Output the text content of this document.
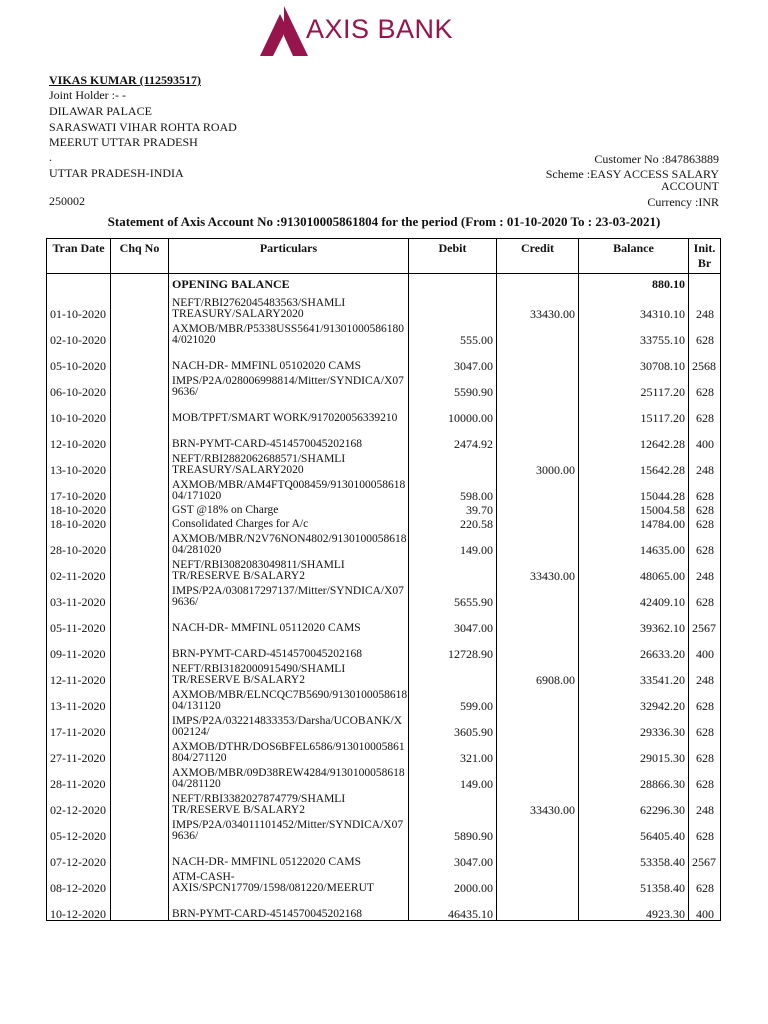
AXIS BANK
VIKAS KUMAR (112593517)
Joint Holder :- -
DILAWAR PALACE
SARASWATI VIHAR ROHTA ROAD
MEERUT UTTAR PRADESH
.
UTTAR PRADESH-INDIA
250002
Customer No :847863889
Scheme :EASY ACCESS SALARY
ACCOUNT
Currency :INR
Statement of Axis Account No :913010005861804 for the period (From : 01-10-2020 To : 23-03-2021)
Tran Date	Chq No	Particulars	Debit	Credit	Balance	Init. Br
		OPENING BALANCE			880.10	
01-10-2020		NEFT/RBI2762045483563/SHAMLI
TREASURY/SALARY2020		33430.00	34310.10	248
02-10-2020		AXMOB/MBR/P5338USS5641/91301000586180
4/021020	555.00		33755.10	628
05-10-2020		NACH-DR- MMFINL 05102020 CAMS	3047.00		30708.10	2568
06-10-2020		IMPS/P2A/028006998814/Mitter/SYNDICA/X07
9636/	5590.90		25117.20	628
10-10-2020		MOB/TPFT/SMART WORK/917020056339210	10000.00		15117.20	628
12-10-2020		BRN-PYMT-CARD-4514570045202168	2474.92		12642.28	400
13-10-2020		NEFT/RBI2882062688571/SHAMLI
TREASURY/SALARY2020		3000.00	15642.28	248
17-10-2020		AXMOB/MBR/AM4FTQ008459/9130100058618
04/171020	598.00		15044.28	628
18-10-2020		GST @18% on Charge	39.70		15004.58	628
18-10-2020		Consolidated Charges for A/c	220.58		14784.00	628
28-10-2020		AXMOB/MBR/N2V76NON4802/9130100058618
04/281020	149.00		14635.00	628
02-11-2020		NEFT/RBI3082083049811/SHAMLI
TR/RESERVE B/SALARY2		33430.00	48065.00	248
03-11-2020		IMPS/P2A/030817297137/Mitter/SYNDICA/X07
9636/	5655.90		42409.10	628
05-11-2020		NACH-DR- MMFINL 05112020 CAMS	3047.00		39362.10	2567
09-11-2020		BRN-PYMT-CARD-4514570045202168	12728.90		26633.20	400
12-11-2020		NEFT/RBI3182000915490/SHAMLI
TR/RESERVE B/SALARY2		6908.00	33541.20	248
13-11-2020		AXMOB/MBR/ELNCQC7B5690/9130100058618
04/131120	599.00		32942.20	628
17-11-2020		IMPS/P2A/032214833353/Darsha/UCOBANK/X
002124/	3605.90		29336.30	628
27-11-2020		AXMOB/DTHR/DOS6BFEL6586/913010005861
804/271120	321.00		29015.30	628
28-11-2020		AXMOB/MBR/09D38REW4284/9130100058618
04/281120	149.00		28866.30	628
02-12-2020		NEFT/RBI3382027874779/SHAMLI
TR/RESERVE B/SALARY2		33430.00	62296.30	248
05-12-2020		IMPS/P2A/034011101452/Mitter/SYNDICA/X07
9636/	5890.90		56405.40	628
07-12-2020		NACH-DR- MMFINL 05122020 CAMS	3047.00		53358.40	2567
08-12-2020		ATM-CASH-
AXIS/SPCN17709/1598/081220/MEERUT	2000.00		51358.40	628
10-12-2020		BRN-PYMT-CARD-4514570045202168	46435.10		4923.30	400
